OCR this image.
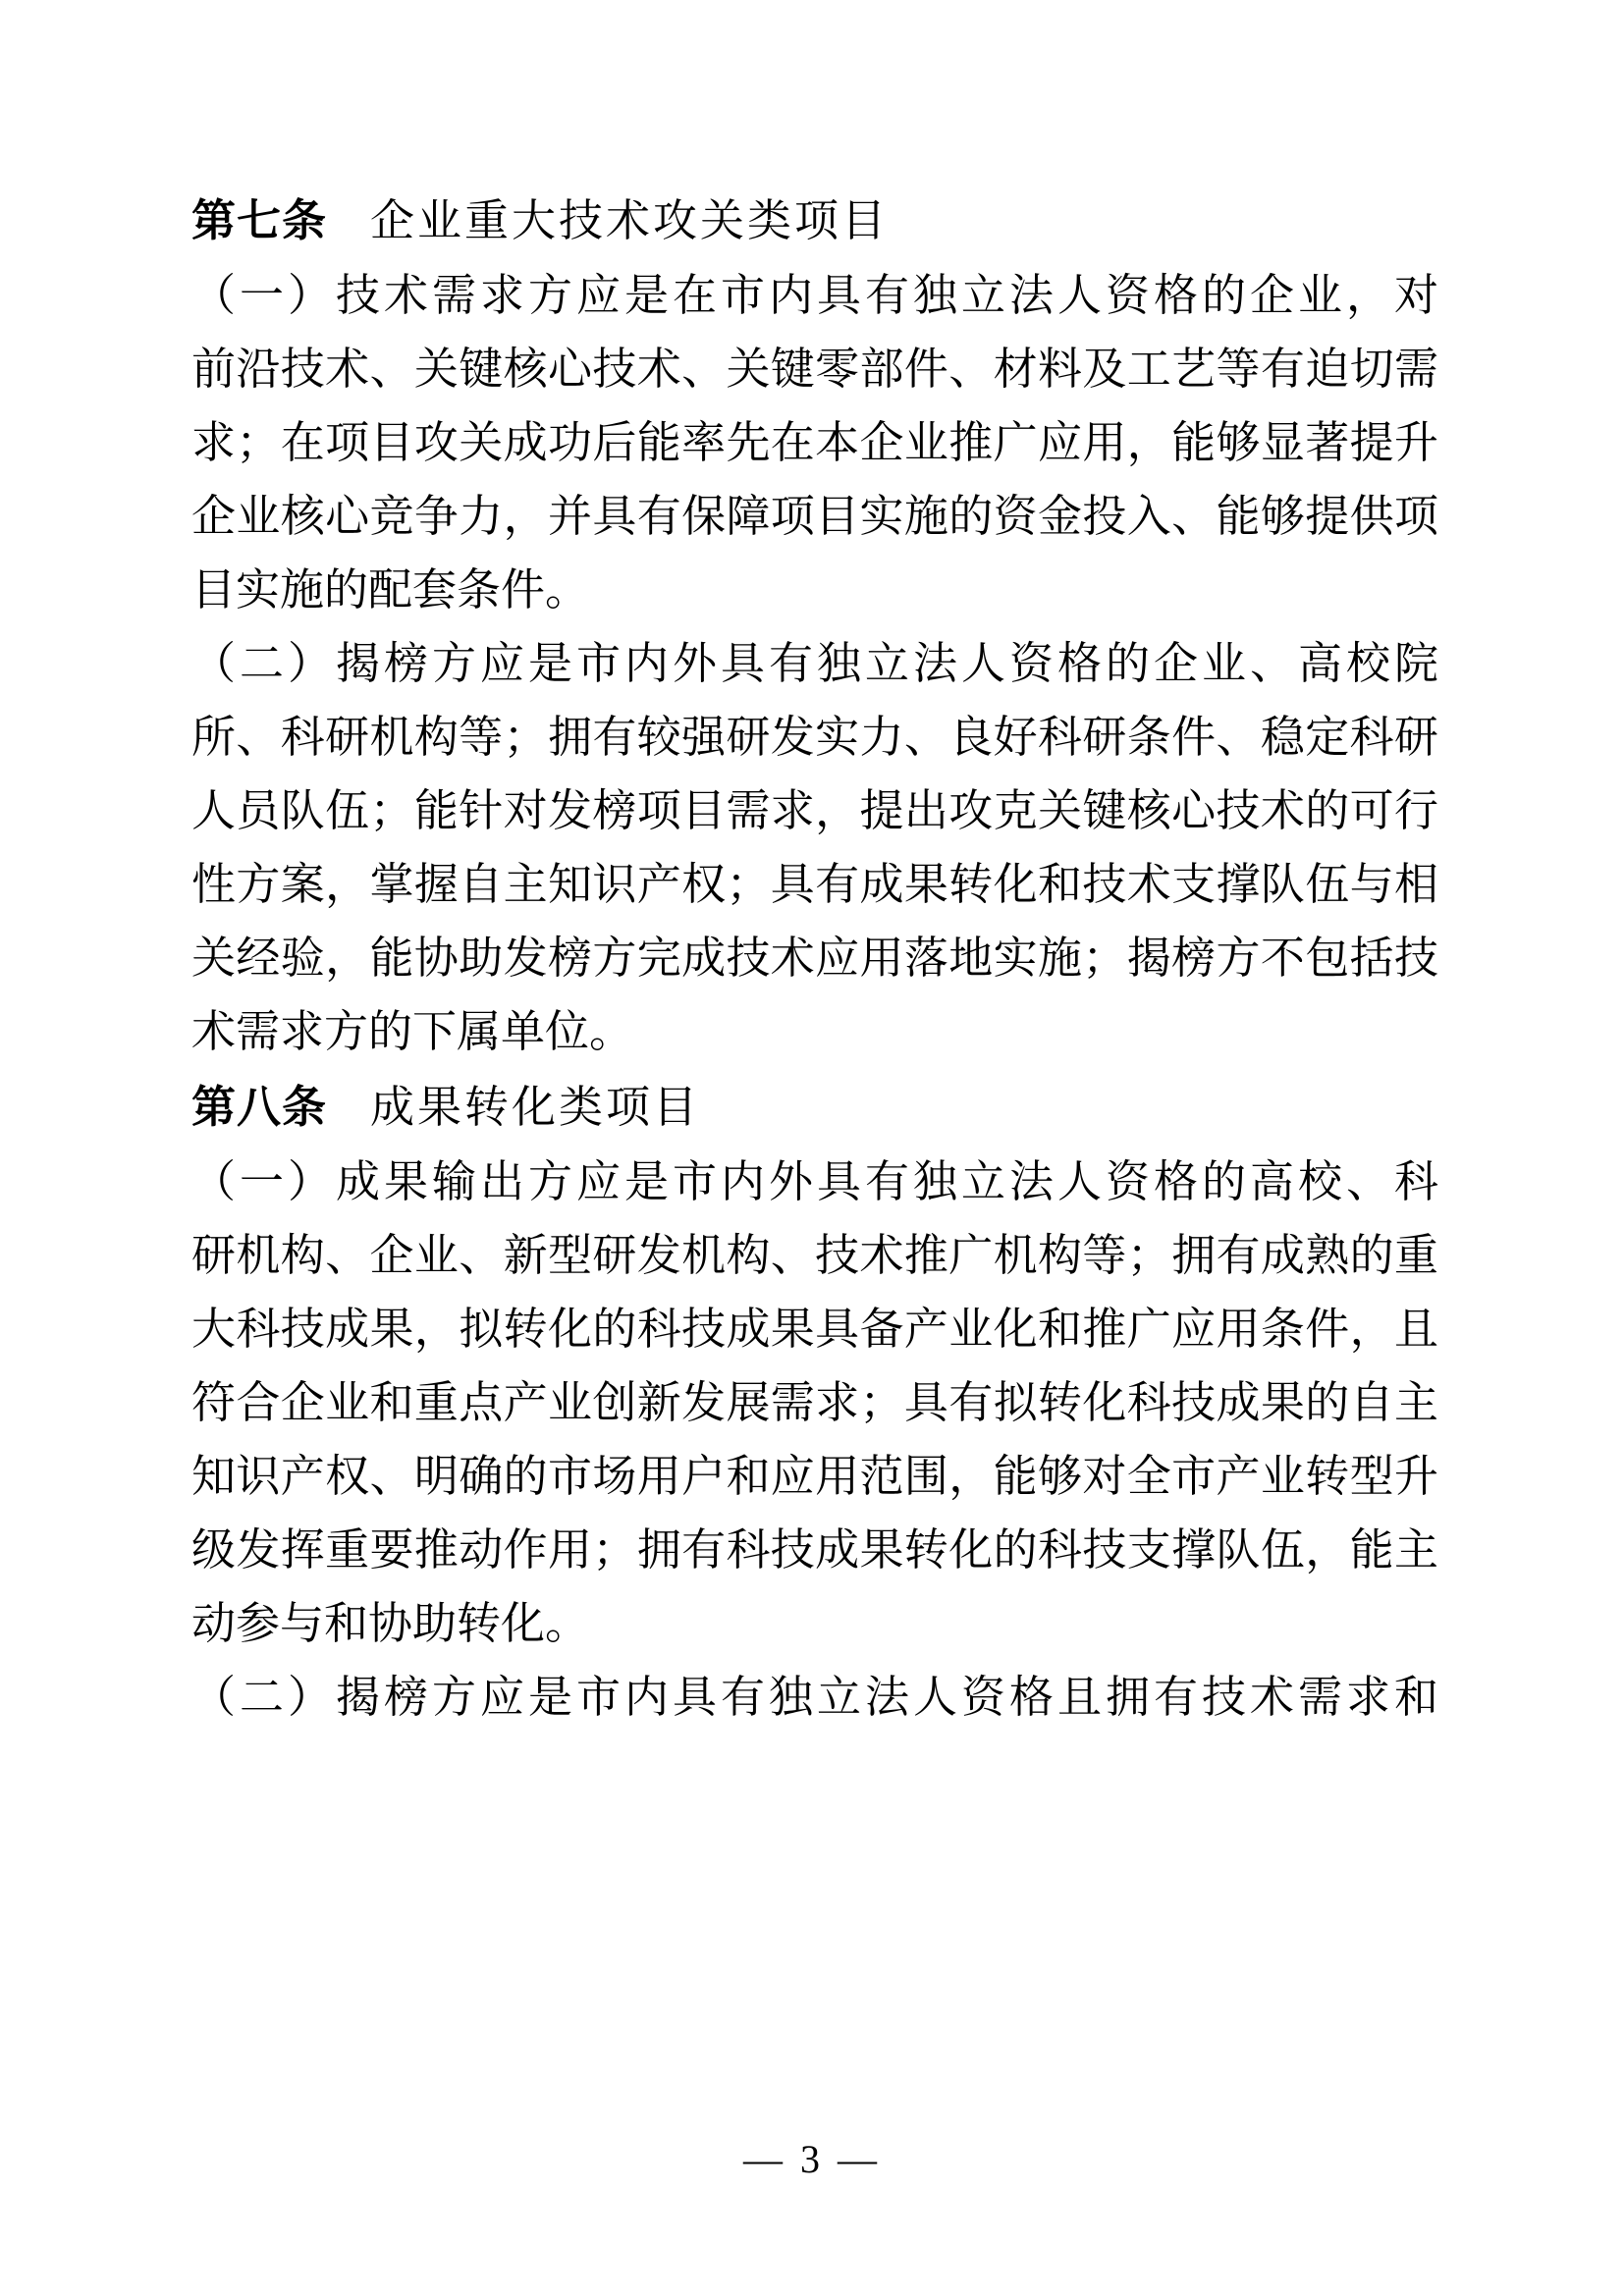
第七条 企业重大技术攻关类项目
（一）技术需求方应是在市内具有独立法人资格的企业，对
前沿技术、关键核心技术、关键零部件、材料及工艺等有迫切需
求；在项目攻关成功后能率先在本企业推广应用，能够显著提升
企业核心竞争力，并具有保障项目实施的资金投入、能够提供项
目实施的配套条件。
（二）揭榜方应是市内外具有独立法人资格的企业、高校院
所、科研机构等；拥有较强研发实力、良好科研条件、稳定科研
人员队伍；能针对发榜项目需求，提出攻克关键核心技术的可行
性方案，掌握自主知识产权；具有成果转化和技术支撑队伍与相
关经验，能协助发榜方完成技术应用落地实施；揭榜方不包括技
术需求方的下属单位。
第八条 成果转化类项目
（一）成果输出方应是市内外具有独立法人资格的高校、科
研机构、企业、新型研发机构、技术推广机构等；拥有成熟的重
大科技成果，拟转化的科技成果具备产业化和推广应用条件，且
符合企业和重点产业创新发展需求；具有拟转化科技成果的自主
知识产权、明确的市场用户和应用范围，能够对全市产业转型升
级发挥重要推动作用；拥有科技成果转化的科技支撑队伍，能主
动参与和协助转化。
（二）揭榜方应是市内具有独立法人资格且拥有技术需求和
— 3 —
